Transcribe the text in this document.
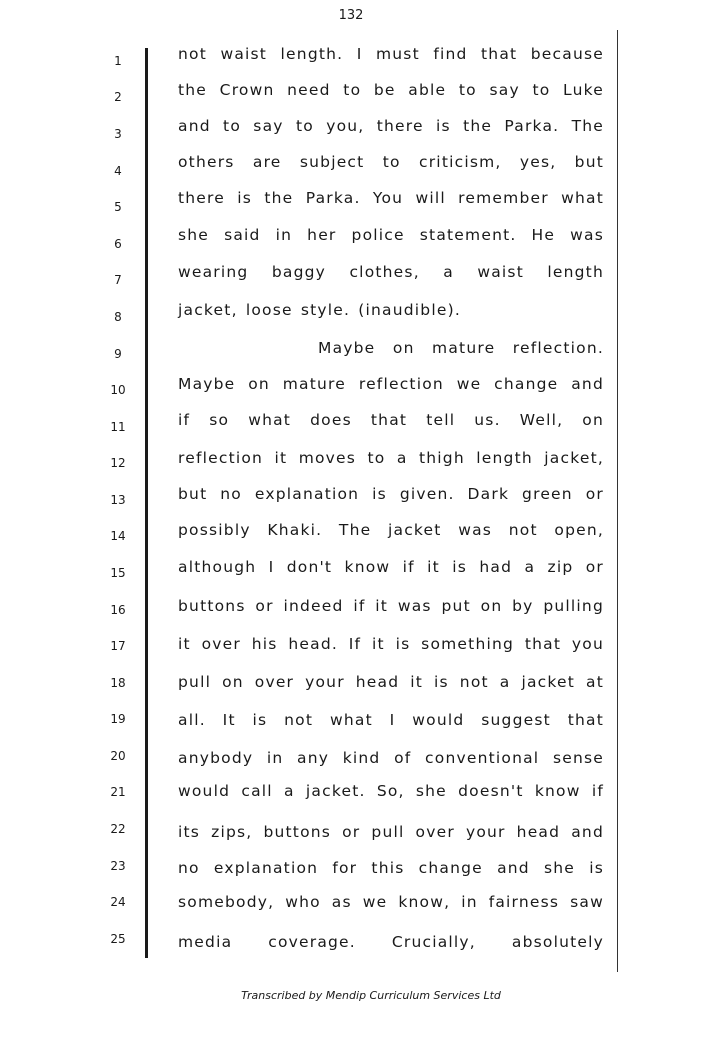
132
1
2
3
4
5
6
7
8
9
10
11
12
13
14
15
16
17
18
19
20
21
22
23
24
25
not waist length. I must find that because
the Crown need to be able to say to Luke
and to say to you, there is the Parka. The
others are subject to criticism, yes, but
there is the Parka. You will remember what
she said in her police statement. He was
wearing baggy clothes, a waist length
jacket, loose style. (inaudible).
Maybe on mature reflection.
Maybe on mature reflection we change and
if so what does that tell us. Well, on
reflection it moves to a thigh length jacket,
but no explanation is given. Dark green or
possibly Khaki. The jacket was not open,
although I don't know if it is had a zip or
buttons or indeed if it was put on by pulling
it over his head. If it is something that you
pull on over your head it is not a jacket at
all. It is not what I would suggest that
anybody in any kind of conventional sense
would call a jacket. So, she doesn't know if
its zips, buttons or pull over your head and
no explanation for this change and she is
somebody, who as we know, in fairness saw
media coverage. Crucially, absolutely
Transcribed by Mendip Curriculum Services Ltd
